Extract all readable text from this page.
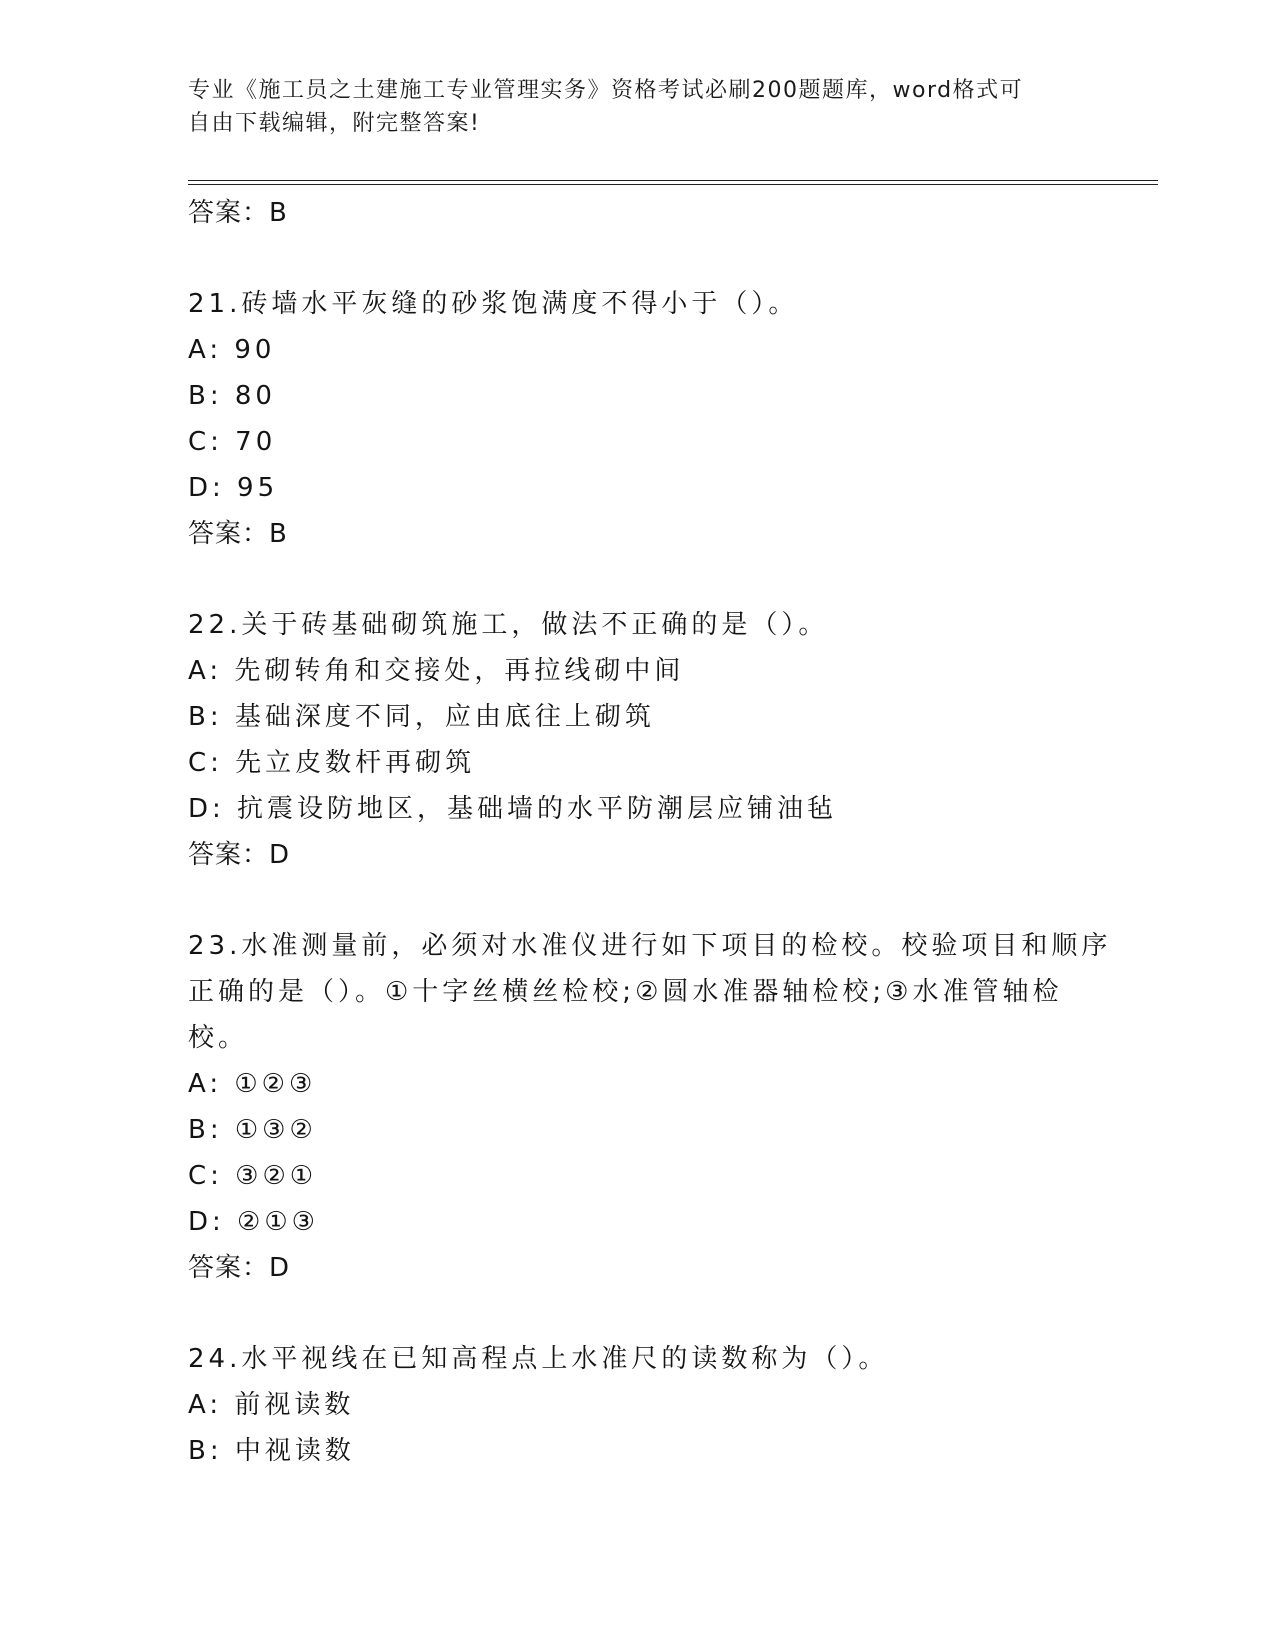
专业《施工员之土建施工专业管理实务》资格考试必刷200题题库，word格式可
自由下载编辑，附完整答案!
答案：B
21.砖墙水平灰缝的砂浆饱满度不得小于（）。
A: 90
B: 80
C: 70
D: 95
答案：B
22.关于砖基础砌筑施工，做法不正确的是（）。
A: 先砌转角和交接处，再拉线砌中间
B: 基础深度不同，应由底往上砌筑
C: 先立皮数杆再砌筑
D: 抗震设防地区，基础墙的水平防潮层应铺油毡
答案：D
23.水准测量前，必须对水准仪进行如下项目的检校。校验项目和顺序
正确的是（）。①十字丝横丝检校;②圆水准器轴检校;③水准管轴检
校。
A: ①②③
B: ①③②
C: ③②①
D: ②①③
答案：D
24.水平视线在已知高程点上水准尺的读数称为（）。
A: 前视读数
B: 中视读数
